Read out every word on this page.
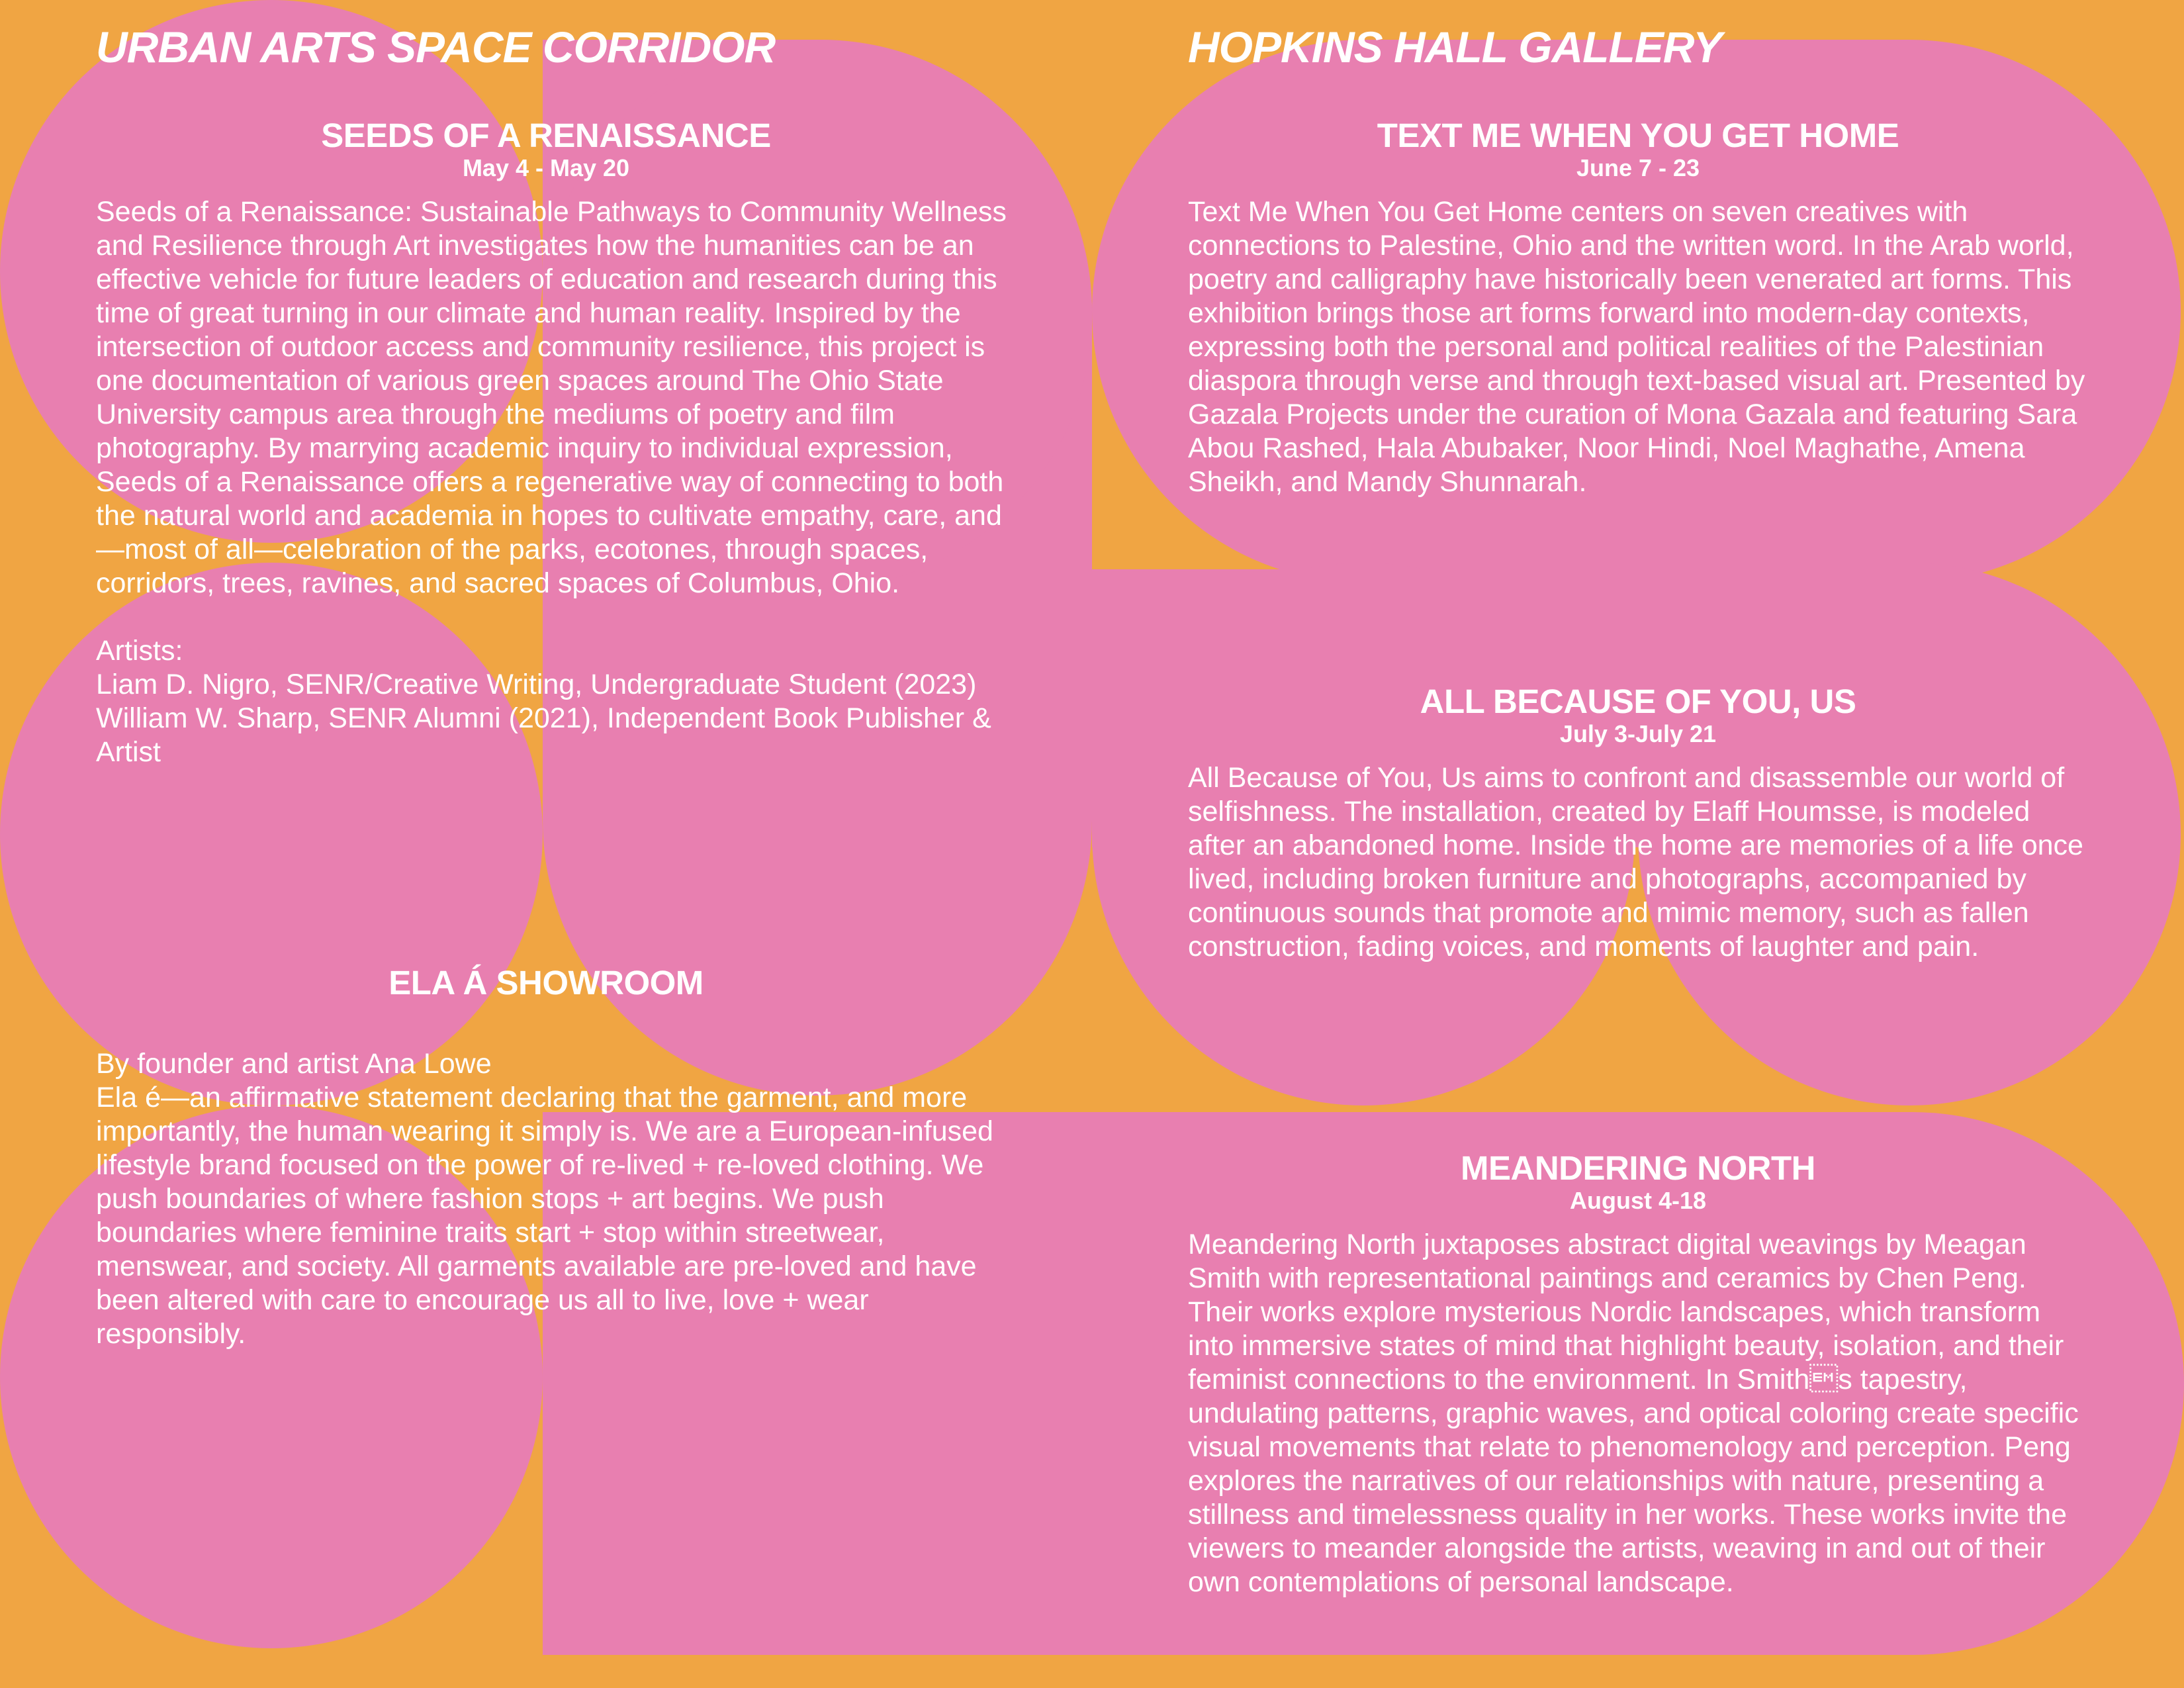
URBAN ARTS SPACE CORRIDOR
SEEDS OF A RENAISSANCE
May 4 - May 20

Seeds of a Renaissance: Sustainable Pathways to Community Wellness and Resilience through Art investigates how the humanities can be an effective vehicle for future leaders of education and research during this time of great turning in our climate and human reality. Inspired by the intersection of outdoor access and community resilience, this project is one documentation of various green spaces around The Ohio State University campus area through the mediums of poetry and film photography. By marrying academic inquiry to individual expression, Seeds of a Renaissance offers a regenerative way of connecting to both the natural world and academia in hopes to cultivate empathy, care, and—most of all—celebration of the parks, ecotones, through spaces, corridors, trees, ravines, and sacred spaces of Columbus, Ohio.

Artists:
Liam D. Nigro, SENR/Creative Writing, Undergraduate Student (2023)
William W. Sharp, SENR Alumni (2021), Independent Book Publisher & Artist
ELA Á SHOWROOM
By founder and artist Ana Lowe

Ela é—an affirmative statement declaring that the garment, and more importantly, the human wearing it simply is. We are a European-infused lifestyle brand focused on the power of re-lived + re-loved clothing. We push boundaries of where fashion stops + art begins. We push boundaries where feminine traits start + stop within streetwear, menswear, and society. All garments available are pre-loved and have been altered with care to encourage us all to live, love + wear responsibly.

HOPKINS HALL GALLERY
TEXT ME WHEN YOU GET HOME
June 7 - 23

Text Me When You Get Home centers on seven creatives with connections to Palestine, Ohio and the written word. In the Arab world, poetry and calligraphy have historically been venerated art forms. This exhibition brings those art forms forward into modern-day contexts, expressing both the personal and political realities of the Palestinian diaspora through verse and through text-based visual art. Presented by Gazala Projects under the curation of Mona Gazala and featuring Sara Abou Rashed, Hala Abubaker, Noor Hindi, Noel Maghathe, Amena Sheikh, and Mandy Shunnarah.

ALL BECAUSE OF YOU, US
July 3-July 21

All Because of You, Us aims to confront and disassemble our world of selfishness. The installation, created by Elaff Houmsse, is modeled after an abandoned home. Inside the home are memories of a life once lived, including broken furniture and photographs, accompanied by continuous sounds that promote and mimic memory, such as fallen construction, fading voices, and moments of laughter and pain.

MEANDERING NORTH
August 4-18

Meandering North juxtaposes abstract digital weavings by Meagan Smith with representational paintings and ceramics by Chen Peng. Their works explore mysterious Nordic landscapes, which transform into immersive states of mind that highlight beauty, isolation, and their feminist connections to the environment. In Smiths tapestry, undulating patterns, graphic waves, and optical coloring create specific visual movements that relate to phenomenology and perception. Peng explores the narratives of our relationships with nature, presenting a stillness and timelessness quality in her works. These works invite the viewers to meander alongside the artists, weaving in and out of their own contemplations of personal landscape.
